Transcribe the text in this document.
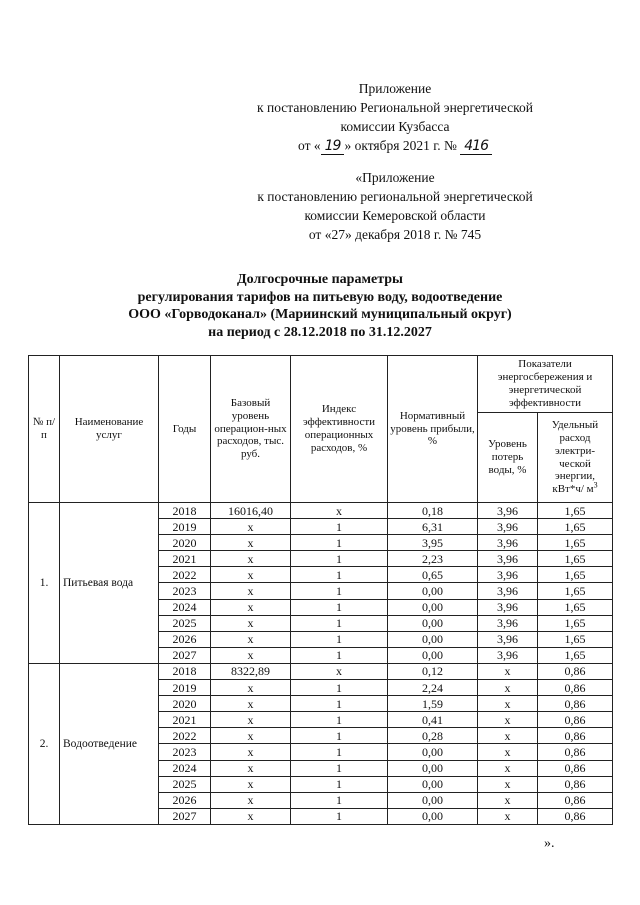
Приложение
к постановлению Региональной энергетической
комиссии Кузбасса
от « 19 » октября 2021 г. № 416
«Приложение
к постановлению региональной энергетической
комиссии Кемеровской области
от «27» декабря 2018 г. № 745
Долгосрочные параметры
регулирования тарифов на питьевую воду, водоотведение
ООО «Горводоканал» (Мариинский муниципальный округ)
на период с 28.12.2018 по 31.12.2027
№ п/п	Наименование услуг	Годы	Базовый уровень операцион-ных расходов, тыс. руб.	Индекс эффективности операционных расходов, %	Нормативный уровень прибыли, %	Показатели энергосбережения и энергетической эффективности	
						Уровень потерь воды, %	Удельный расход электри-ческой энергии, кВт*ч/ $м^3$
1.	Питьевая вода	2018	16016,40	х	0,18	3,96	1,65
		2019	х	1	6,31	3,96	1,65
		2020	х	1	3,95	3,96	1,65
		2021	х	1	2,23	3,96	1,65
		2022	х	1	0,65	3,96	1,65
		2023	х	1	0,00	3,96	1,65
		2024	х	1	0,00	3,96	1,65
		2025	х	1	0,00	3,96	1,65
		2026	х	1	0,00	3,96	1,65
		2027	х	1	0,00	3,96	1,65
2.	Водоотведение	2018	8322,89	х	0,12	х	0,86
		2019	х	1	2,24	х	0,86
		2020	х	1	1,59	х	0,86
		2021	х	1	0,41	х	0,86
		2022	х	1	0,28	х	0,86
		2023	х	1	0,00	х	0,86
		2024	х	1	0,00	х	0,86
		2025	х	1	0,00	х	0,86
		2026	х	1	0,00	х	0,86
		2027	х	1	0,00	х	0,86
».
